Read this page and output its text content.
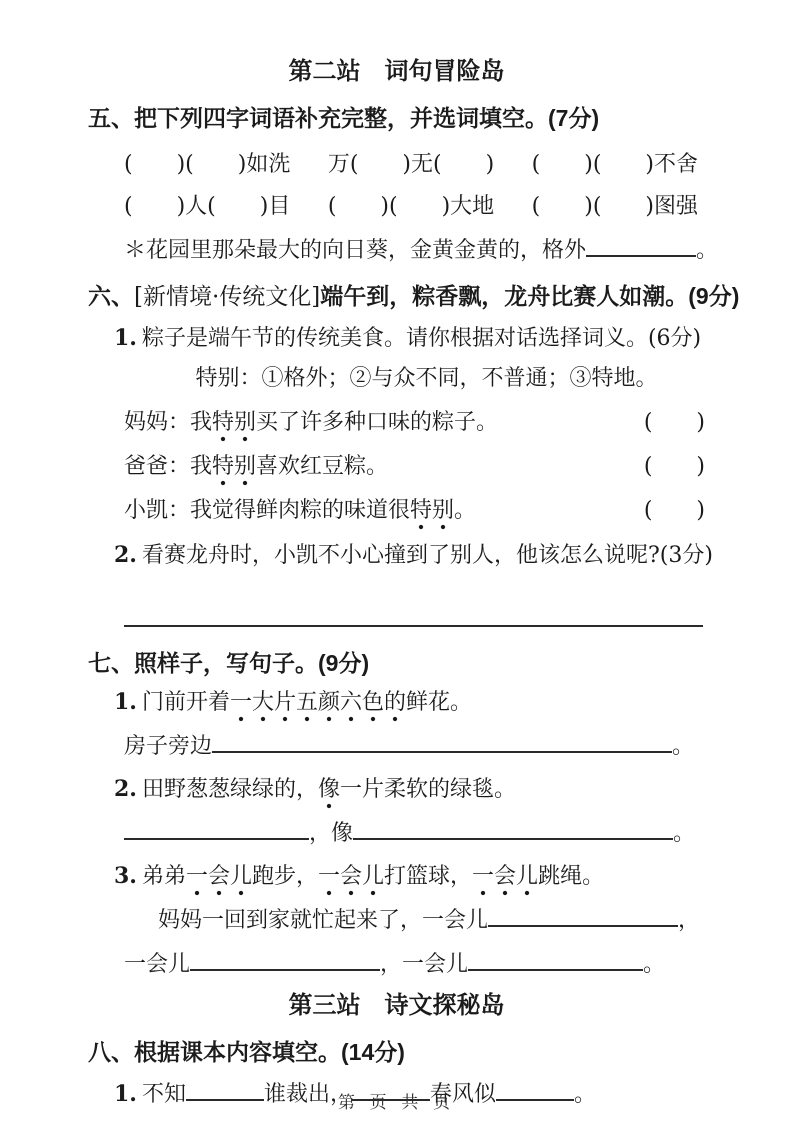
第二站　词句冒险岛
五、把下列四字词语补充完整，并选词填空。(7分)
(　　)(　　)如洗 万(　　)无(　　) (　　)(　　)不舍
(　　)人(　　)目 (　　)(　　)大地 (　　)(　　)图强
＊花园里那朵最大的向日葵，金黄金黄的，格外	。
六、[新情境·传统文化]端午到，粽香飘，龙舟比赛人如潮。(9分)
1. 粽子是端午节的传统美食。请你根据对话选择词义。(6分)
特别：①格外；②与众不同，不普通；③特地。
妈妈：我特别买了许多种口味的粽子。	(　　)
爸爸：我特别喜欢红豆粽。	(　　)
小凯：我觉得鲜肉粽的味道很特别。	(　　)
2. 看赛龙舟时，小凯不小心撞到了别人，他该怎么说呢?(3分)
七、照样子，写句子。(9分)
1. 门前开着一大片五颜六色的鲜花。
房子旁边	。
2. 田野葱葱绿绿的，像一片柔软的绿毯。
，像	。
3. 弟弟一会儿跑步，一会儿打篮球，一会儿跳绳。
妈妈一回到家就忙起来了，一会儿	，
一会儿	，一会儿	。
第三站　诗文探秘岛
八、根据课本内容填空。(14分)
1. 不知	谁裁出，	春风似	。
第 页 共 页
